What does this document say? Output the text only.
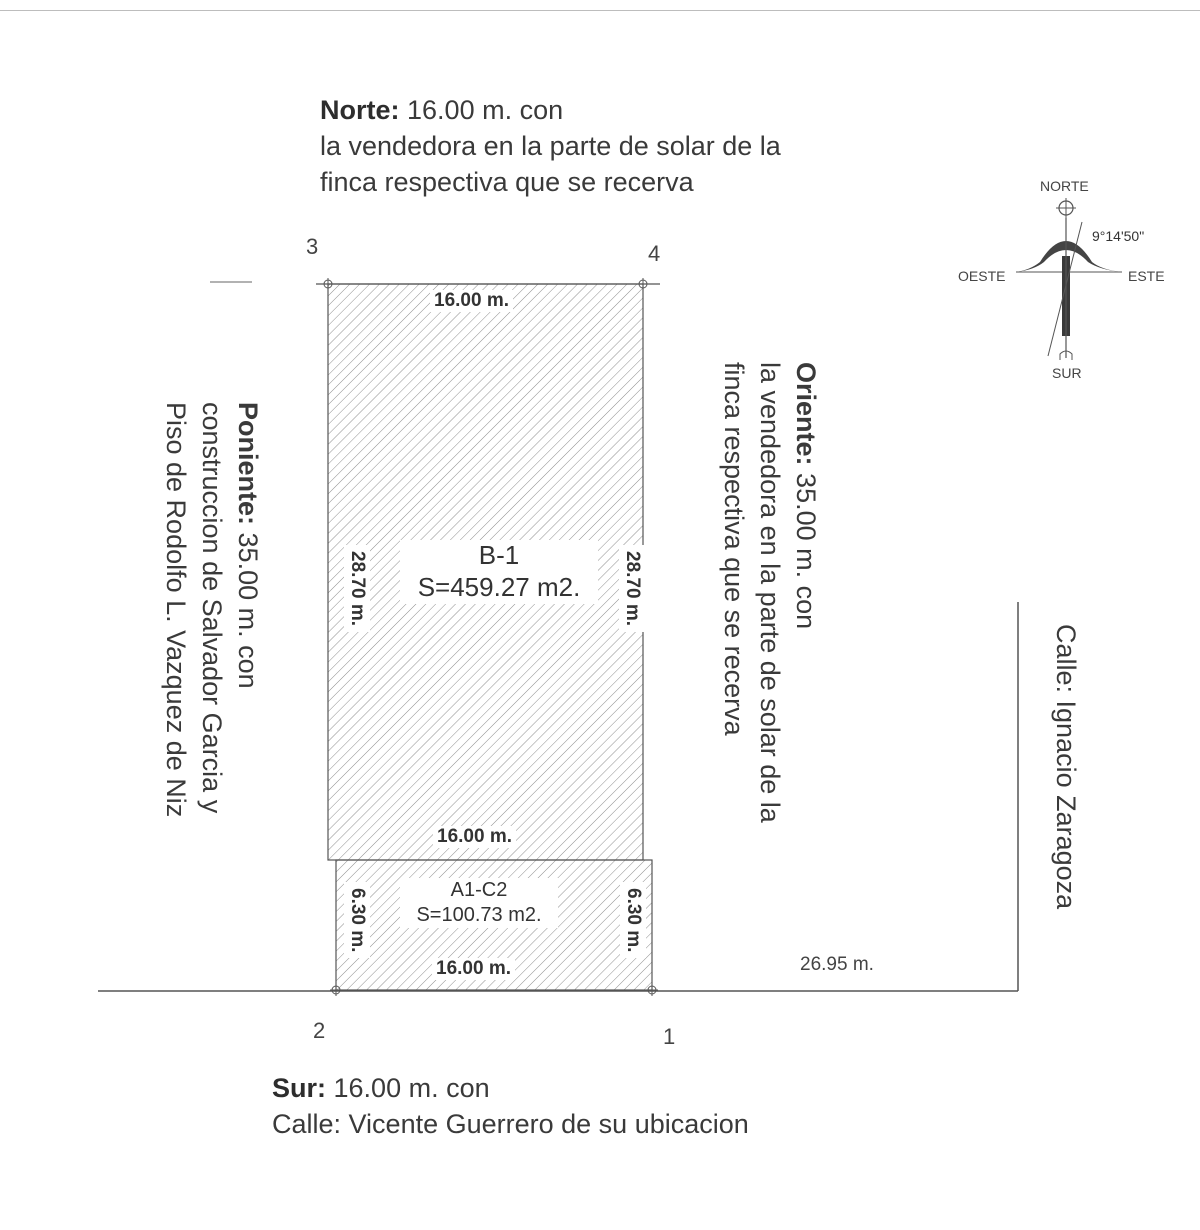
Norte: 16.00 m. con
la vendedora en la parte de solar de la
finca respectiva que se recerva
Sur: 16.00 m. con
Calle: Vicente Guerrero de su ubicacion
Poniente: 35.00 m. con
construccion de Salvador Garcia y
Piso de Rodolfo L. Vazquez de Niz	Oriente: 35.00 m. con
la vendedora en la parte de solar de la
finca respectiva que se recerva
Calle: Ignacio Zaragoza
3	4
2	1
16.00 m.
16.00 m.
28.70 m.	28.70 m.
B-1
S=459.27 m2.
A1-C2
S=100.73 m2.
16.00 m.
6.30 m.	6.30 m.
26.95 m.
NORTE
9°14'50"
OESTE	ESTE
SUR
